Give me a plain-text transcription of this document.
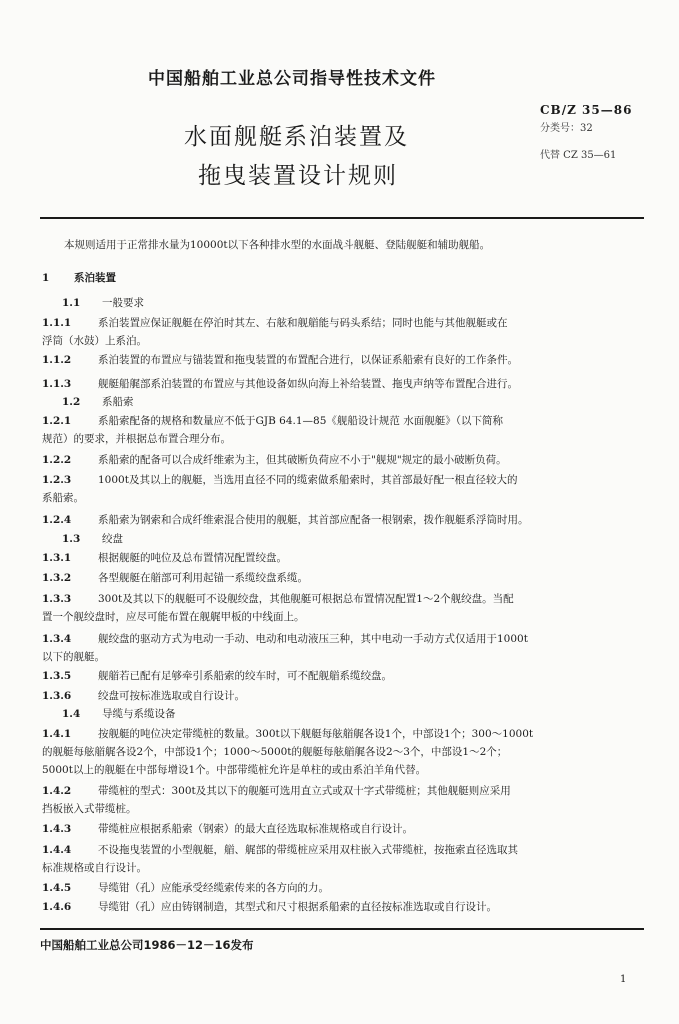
中国船舶工业总公司指导性技术文件
水面舰艇系泊装置及
拖曳装置设计规则
CB/Z 35—86
分类号：32
代替 CZ 35—61
本规则适用于正常排水量为10000t以下各种排水型的水面战斗舰艇、登陆舰艇和辅助舰船。
1 系泊装置
1.1 一般要求
1.1.1	系泊装置应保证舰艇在停泊时其左、右舷和舰艏能与码头系结；同时也能与其他舰艇或在
浮筒（水鼓）上系泊。
1.1.2	系泊装置的布置应与锚装置和拖曳装置的布置配合进行，以保证系船索有良好的工作条件。
1.1.3	舰艇船艉部系泊装置的布置应与其他设备如纵向海上补给装置、拖曳声纳等布置配合进行。
1.2 系船索
1.2.1	系船索配备的规格和数量应不低于GJB 64.1—85《舰船设计规范 水面舰艇》（以下简称
规范）的要求，并根据总布置合理分布。
1.2.2	系船索的配备可以合成纤维索为主，但其破断负荷应不小于"舰规"规定的最小破断负荷。
1.2.3	1000t及其以上的舰艇，当选用直径不同的缆索做系船索时，其首部最好配一根直径较大的
系船索。
1.2.4	系船索为钢索和合成纤维索混合使用的舰艇，其首部应配备一根钢索，拨作舰艇系浮筒时用。
1.3 绞盘
1.3.1	根据舰艇的吨位及总布置情况配置绞盘。
1.3.2	各型舰艇在艏部可利用起锚一系缆绞盘系缆。
1.3.3	300t及其以下的舰艇可不设舰绞盘，其他舰艇可根据总布置情况配置1～2个舰绞盘。当配
置一个舰绞盘时，应尽可能布置在舰艉甲板的中线面上。
1.3.4	舰绞盘的驱动方式为电动一手动、电动和电动液压三种，其中电动一手动方式仅适用于1000t
以下的舰艇。
1.3.5	舰艏若已配有足够牵引系船索的绞车时，可不配舰艏系缆绞盘。
1.3.6	绞盘可按标准选取或自行设计。
1.4 导缆与系缆设备
1.4.1	按舰艇的吨位决定带缆桩的数量。300t以下舰艇每舷艏艉各设1个，中部设1个；300～1000t
的舰艇每舷艏艉各设2个，中部设1个；1000～5000t的舰艇每舷艏艉各设2～3个，中部设1～2个；
5000t以上的舰艇在中部每增设1个。中部带缆桩允许是单柱的或由系泊羊角代替。
1.4.2	带缆桩的型式：300t及其以下的舰艇可选用直立式或双十字式带缆桩；其他舰艇则应采用
挡板嵌入式带缆桩。
1.4.3	带缆桩应根据系船索（钢索）的最大直径选取标准规格或自行设计。
1.4.4	不设拖曳装置的小型舰艇，艏、艉部的带缆桩应采用双柱嵌入式带缆桩，按拖索直径选取其
标准规格或自行设计。
1.4.5	导缆钳（孔）应能承受经缆索传来的各方向的力。
1.4.6	导缆钳（孔）应由铸钢制造，其型式和尺寸根据系船索的直径按标准选取或自行设计。
中国船舶工业总公司1986－12－16发布
1
